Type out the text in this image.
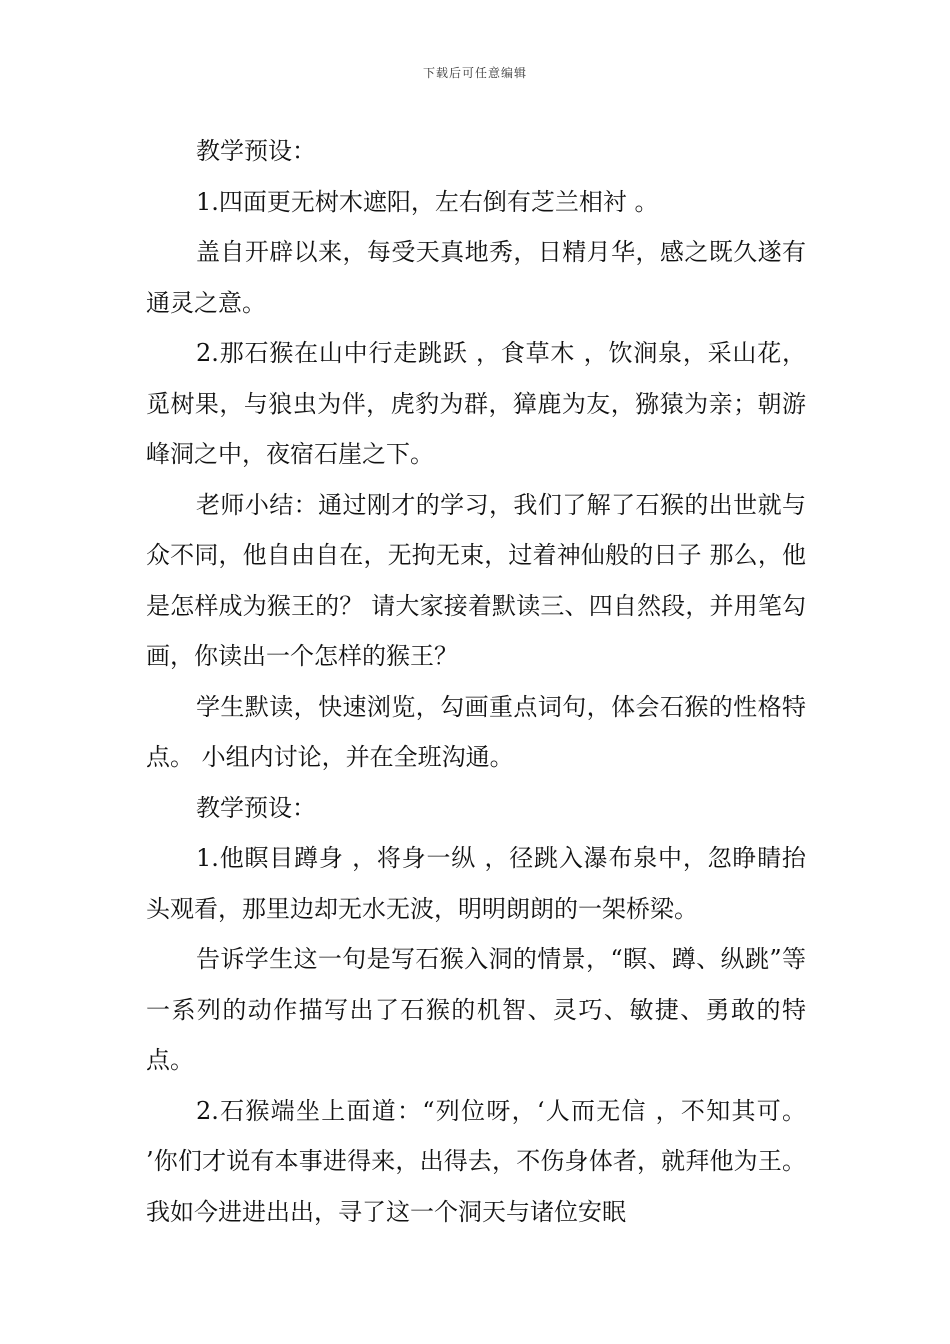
下载后可任意编辑

教学预设：

1.四面更无树木遮阳，左右倒有芝兰相衬 。

盖自开辟以来，每受天真地秀，日精月华，感之既久遂有通灵之意。

2.那石猴在山中行走跳跃 ，食草木 ，饮涧泉，采山花，觅树果，与狼虫为伴，虎豹为群，獐鹿为友，猕猿为亲；朝游峰洞之中，夜宿石崖之下。

老师小结：通过刚才的学习，我们了解了石猴的出世就与众不同，他自由自在，无拘无束，过着神仙般的日子 那么，他是怎样成为猴王的？ 请大家接着默读三、四自然段，并用笔勾画，你读出一个怎样的猴王？

学生默读，快速浏览，勾画重点词句，体会石猴的性格特点。 小组内讨论，并在全班沟通。

教学预设：

1.他瞑目蹲身 ，将身一纵 ，径跳入瀑布泉中，忽睁睛抬头观看，那里边却无水无波，明明朗朗的一架桥梁。

告诉学生这一句是写石猴入洞的情景，“瞑、蹲、纵跳”等一系列的动作描写出了石猴的机智、灵巧、敏捷、勇敢的特点。

2.石猴端坐上面道：“列位呀，‘人而无信 ，不知其可。 ’你们才说有本事进得来，出得去，不伤身体者，就拜他为王。 我如今进进出出，寻了这一个洞天与诸位安眠
